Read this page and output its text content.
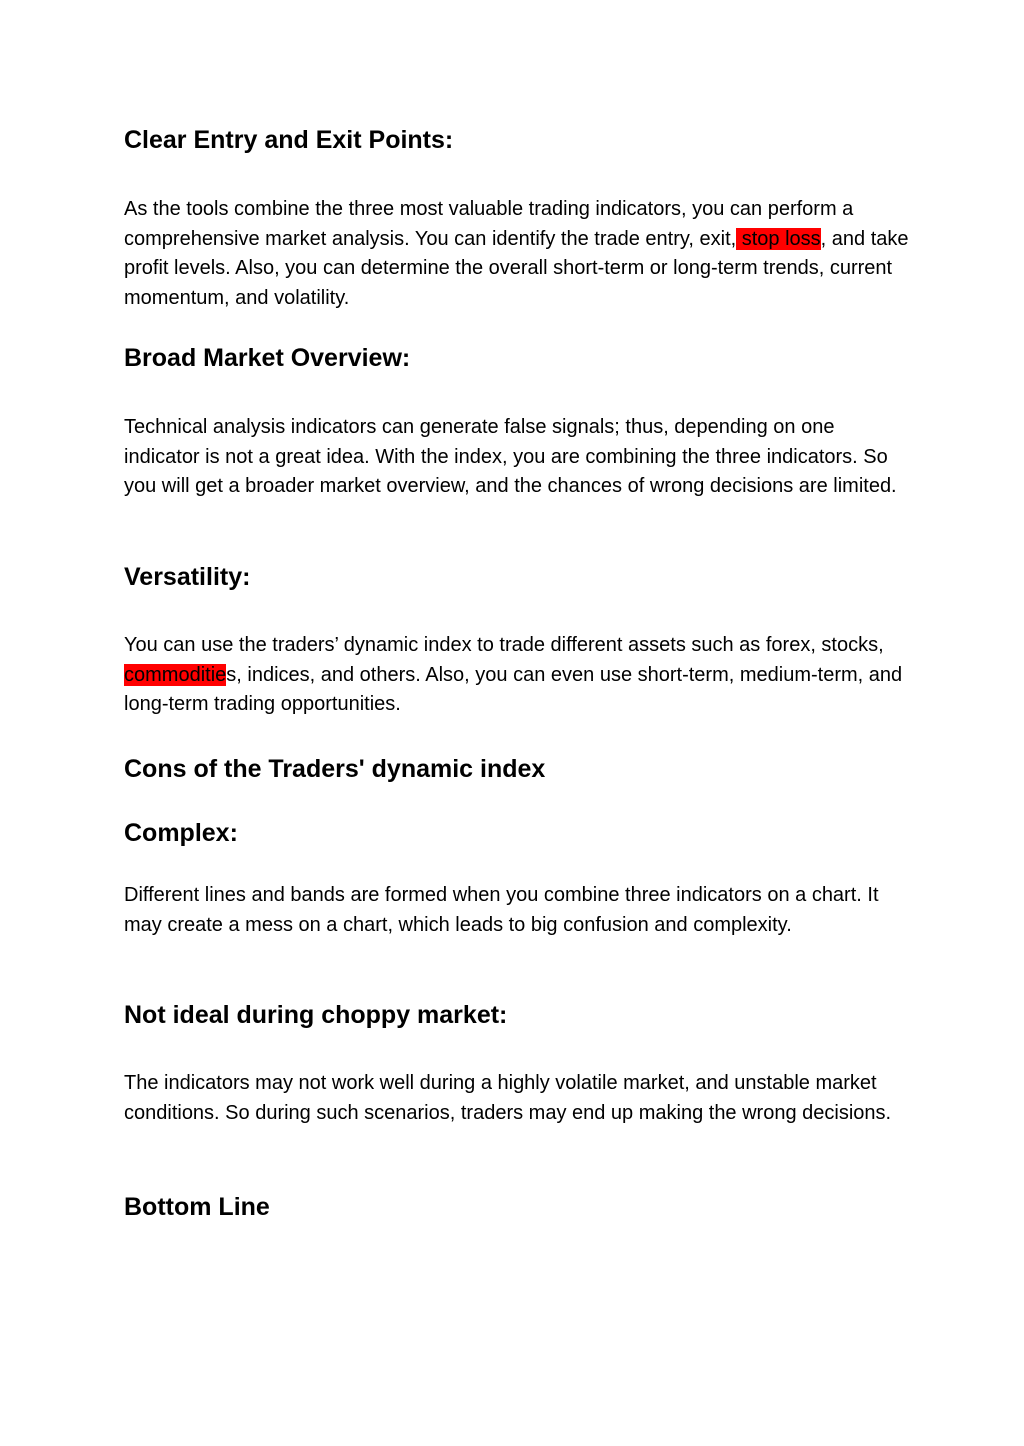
Clear Entry and Exit Points:

As the tools combine the three most valuable trading indicators, you can perform a comprehensive market analysis. You can identify the trade entry, exit, stop loss, and take profit levels. Also, you can determine the overall short-term or long-term trends, current momentum, and volatility.

Broad Market Overview:

Technical analysis indicators can generate false signals; thus, depending on one indicator is not a great idea. With the index, you are combining the three indicators. So you will get a broader market overview, and the chances of wrong decisions are limited.

Versatility:

You can use the traders’ dynamic index to trade different assets such as forex, stocks, commodities, indices, and others. Also, you can even use short-term, medium-term, and long-term trading opportunities.

Cons of the Traders' dynamic index
Complex:

Different lines and bands are formed when you combine three indicators on a chart. It may create a mess on a chart, which leads to big confusion and complexity.

Not ideal during choppy market:

The indicators may not work well during a highly volatile market, and unstable market conditions. So during such scenarios, traders may end up making the wrong decisions.

Bottom Line
